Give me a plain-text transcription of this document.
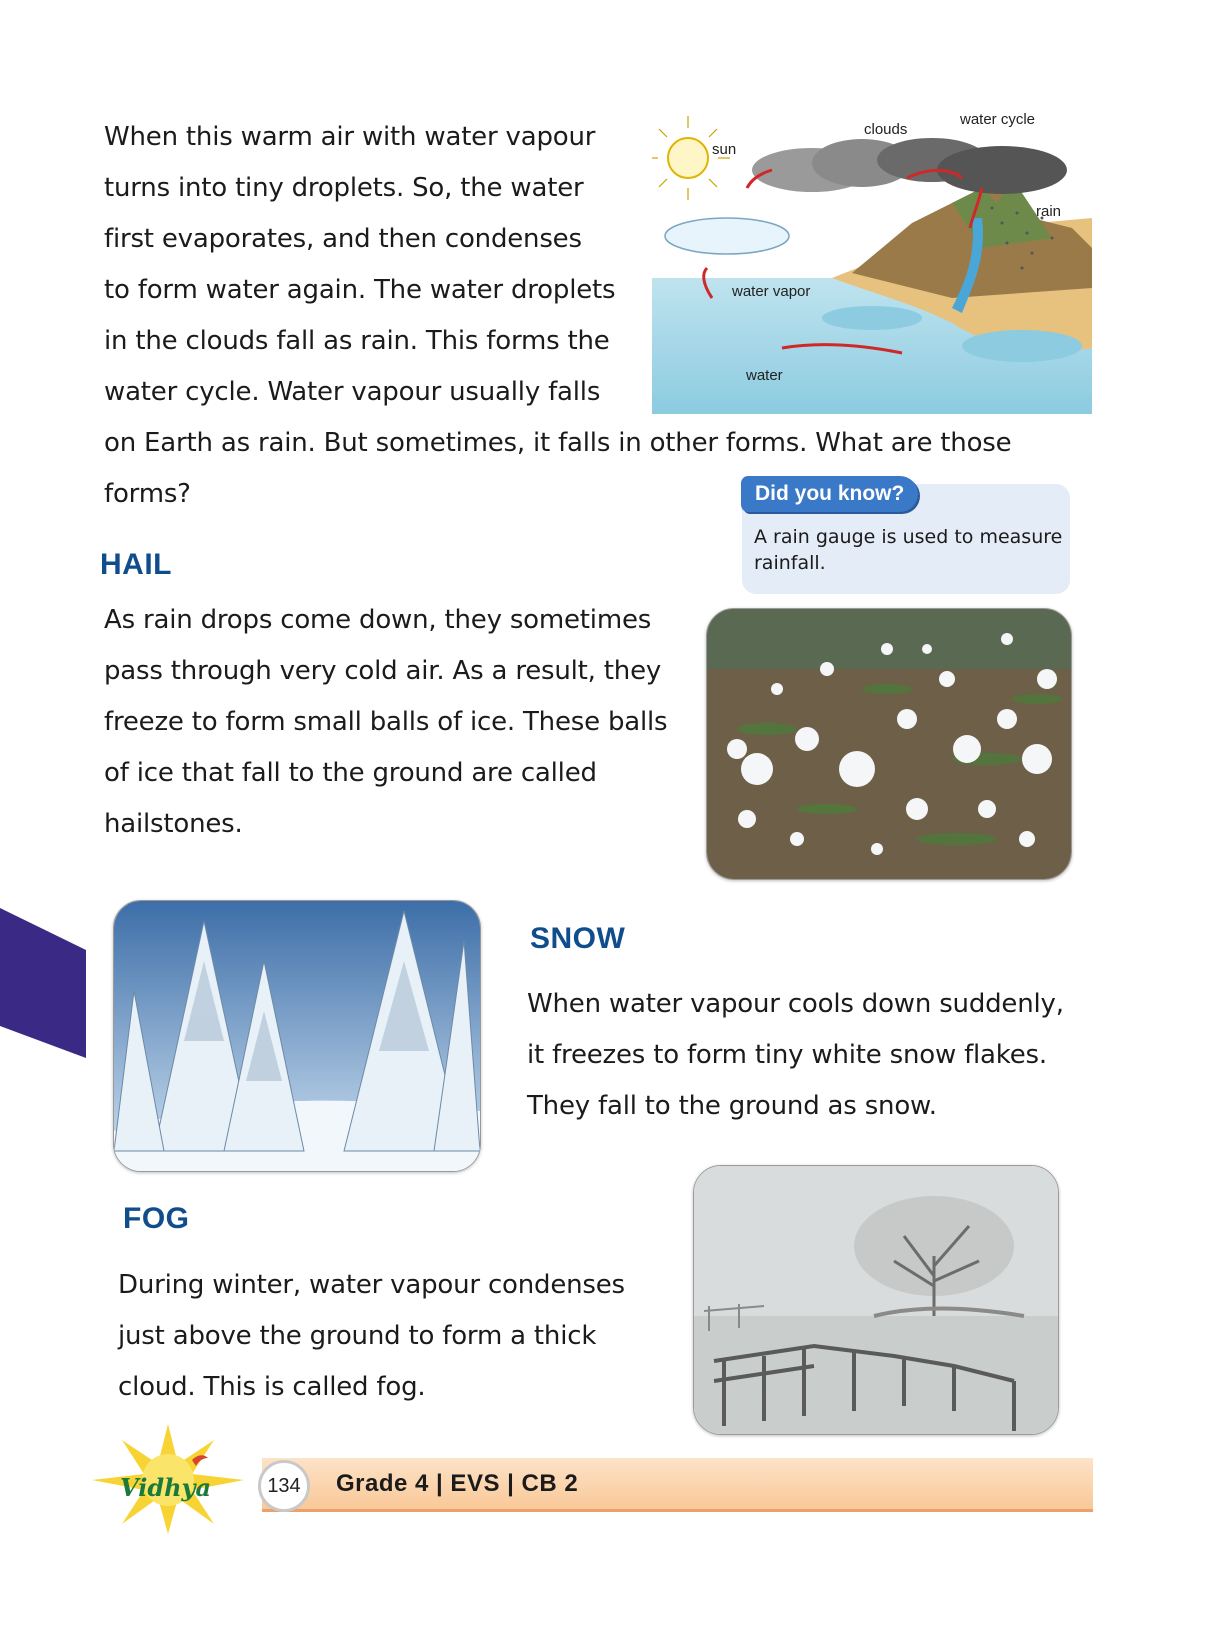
When this warm air with water vapour
turns into tiny droplets. So, the water
first evaporates, and then condenses
to form water again. The water droplets
in the clouds fall as rain. This forms the
water cycle. Water vapour usually falls
on Earth as rain. But sometimes, it falls in other forms. What are those
forms?
sun
clouds
water cycle
rain
water vapor
water
Did you know?
A rain gauge is used to measure
rainfall.
HAIL
As rain drops come down, they sometimes
pass through very cold air. As a result, they
freeze to form small balls of ice. These balls
of ice that fall to the ground are called
hailstones.
SNOW
When water vapour cools down suddenly,
it freezes to form tiny white snow flakes.
They fall to the ground as snow.
FOG
During winter, water vapour condenses
just above the ground to form a thick
cloud. This is called fog.
Vidhya	134 Grade 4 | EVS | CB 2
